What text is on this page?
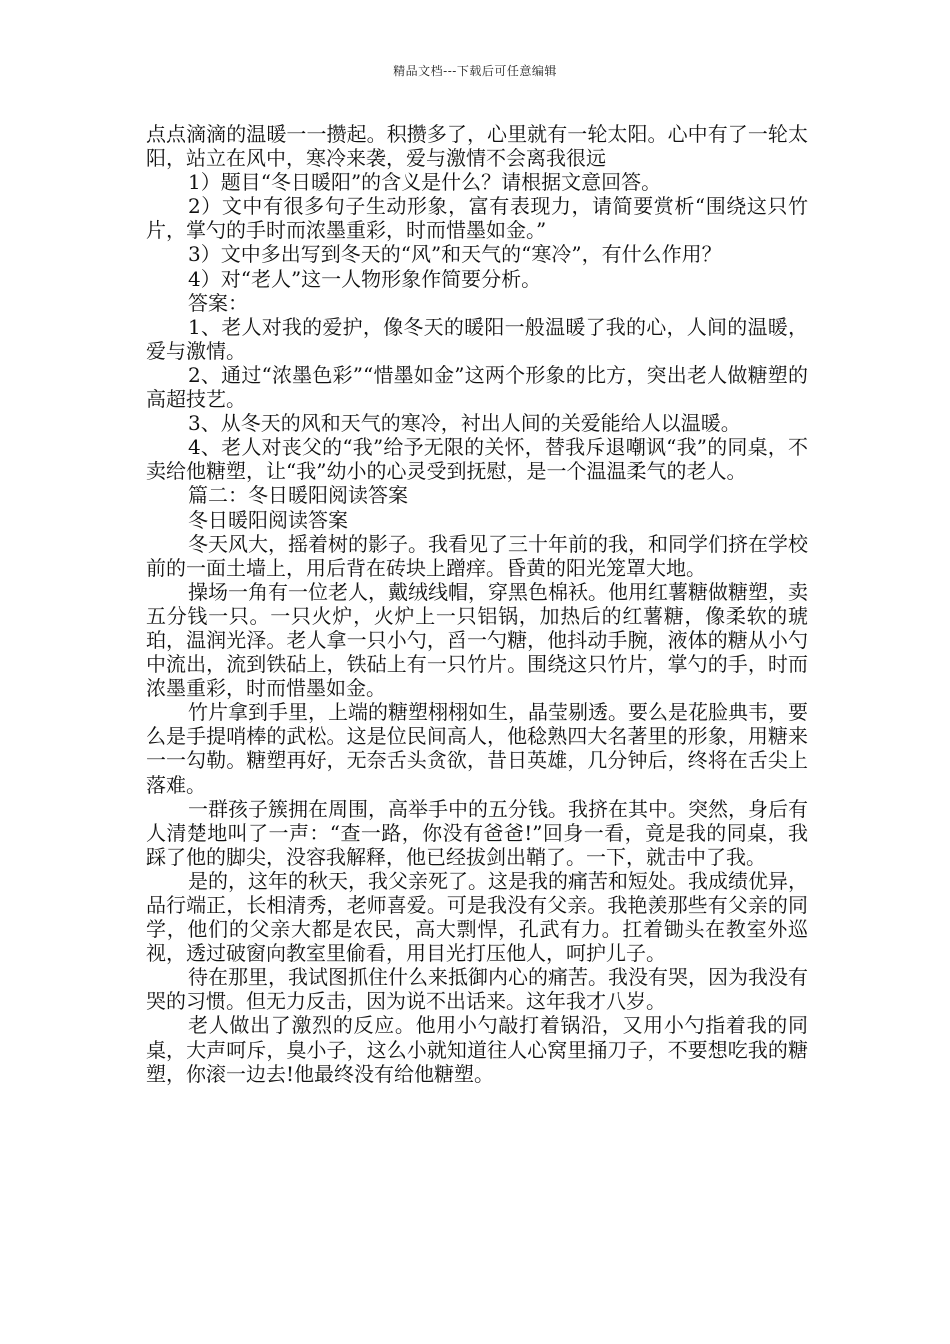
精品文档---下载后可任意编辑

点点滴滴的温暖一一攒起。积攒多了，心里就有一轮太阳。心中有了一轮太阳，站立在风中，寒冷来袭，爱与激情不会离我很远

1）题目“冬日暖阳”的含义是什么？请根据文意回答。

2）文中有很多句子生动形象，富有表现力，请简要赏析“围绕这只竹片，掌勺的手时而浓墨重彩，时而惜墨如金。”

3）文中多出写到冬天的“风”和天气的“寒冷”，有什么作用？

4）对“老人”这一人物形象作简要分析。

答案：

1、老人对我的爱护，像冬天的暖阳一般温暖了我的心，人间的温暖，爱与激情。

2、通过“浓墨色彩”“惜墨如金”这两个形象的比方，突出老人做糖塑的高超技艺。

3、从冬天的风和天气的寒冷，衬出人间的关爱能给人以温暖。

4、老人对丧父的“我”给予无限的关怀，替我斥退嘲讽“我”的同桌，不卖给他糖塑，让“我”幼小的心灵受到抚慰，是一个温温柔气的老人。

篇二：冬日暖阳阅读答案

冬日暖阳阅读答案

冬天风大，摇着树的影子。我看见了三十年前的我，和同学们挤在学校前的一面土墙上，用后背在砖块上蹭痒。昏黄的阳光笼罩大地。

操场一角有一位老人，戴绒线帽，穿黑色棉袄。他用红薯糖做糖塑，卖五分钱一只。一只火炉，火炉上一只铝锅，加热后的红薯糖，像柔软的琥珀，温润光泽。老人拿一只小勺，舀一勺糖，他抖动手腕，液体的糖从小勺中流出，流到铁砧上，铁砧上有一只竹片。围绕这只竹片，掌勺的手，时而浓墨重彩，时而惜墨如金。

竹片拿到手里，上端的糖塑栩栩如生，晶莹剔透。要么是花脸典韦，要么是手提哨棒的武松。这是位民间高人，他稔熟四大名著里的形象，用糖来一一勾勒。糖塑再好，无奈舌头贪欲，昔日英雄，几分钟后，终将在舌尖上落难。

一群孩子簇拥在周围，高举手中的五分钱。我挤在其中。突然，身后有人清楚地叫了一声：“查一路，你没有爸爸!”回身一看，竟是我的同桌，我踩了他的脚尖，没容我解释，他已经拔剑出鞘了。一下，就击中了我。

是的，这年的秋天，我父亲死了。这是我的痛苦和短处。我成绩优异，品行端正，长相清秀，老师喜爱。可是我没有父亲。我艳羡那些有父亲的同学，他们的父亲大都是农民，高大剽悍，孔武有力。扛着锄头在教室外巡视，透过破窗向教室里偷看，用目光打压他人，呵护儿子。

待在那里，我试图抓住什么来抵御内心的痛苦。我没有哭，因为我没有哭的习惯。但无力反击，因为说不出话来。这年我才八岁。

老人做出了激烈的反应。他用小勺敲打着锅沿，又用小勺指着我的同桌，大声呵斥，臭小子，这么小就知道往人心窝里捅刀子，不要想吃我的糖塑，你滚一边去!他最终没有给他糖塑。
